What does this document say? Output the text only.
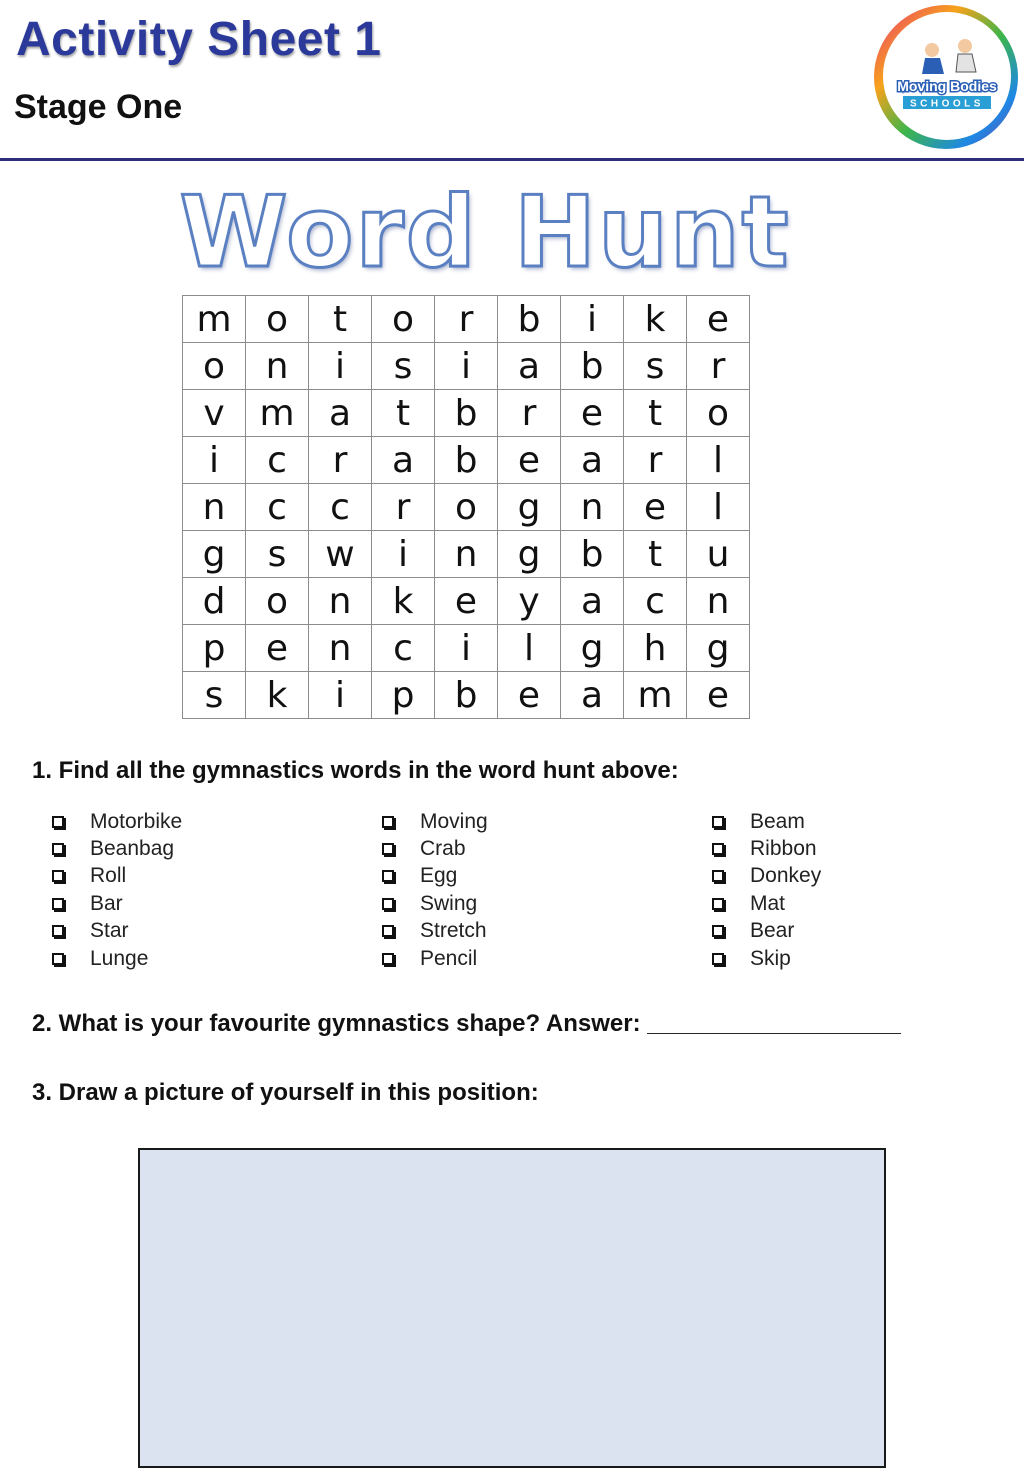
Activity Sheet 1
Stage One
Moving Bodies
SCHOOLS
Word Hunt
m	o	t	o	r	b	i	k	e
o	n	i	s	i	a	b	s	r
v	m	a	t	b	r	e	t	o
i	c	r	a	b	e	a	r	l
n	c	c	r	o	g	n	e	l
g	s	w	i	n	g	b	t	u
d	o	n	k	e	y	a	c	n
p	e	n	c	i	l	g	h	g
s	k	i	p	b	e	a	m	e
1. Find all the gymnastics words in the word hunt above:
Motorbike
Beanbag
Roll
Bar
Star
Lunge
Moving
Crab
Egg
Swing
Stretch
Pencil
Beam
Ribbon
Donkey
Mat
Bear
Skip
2. What is your favourite gymnastics shape? Answer: ___________________
3. Draw a picture of yourself in this position:
